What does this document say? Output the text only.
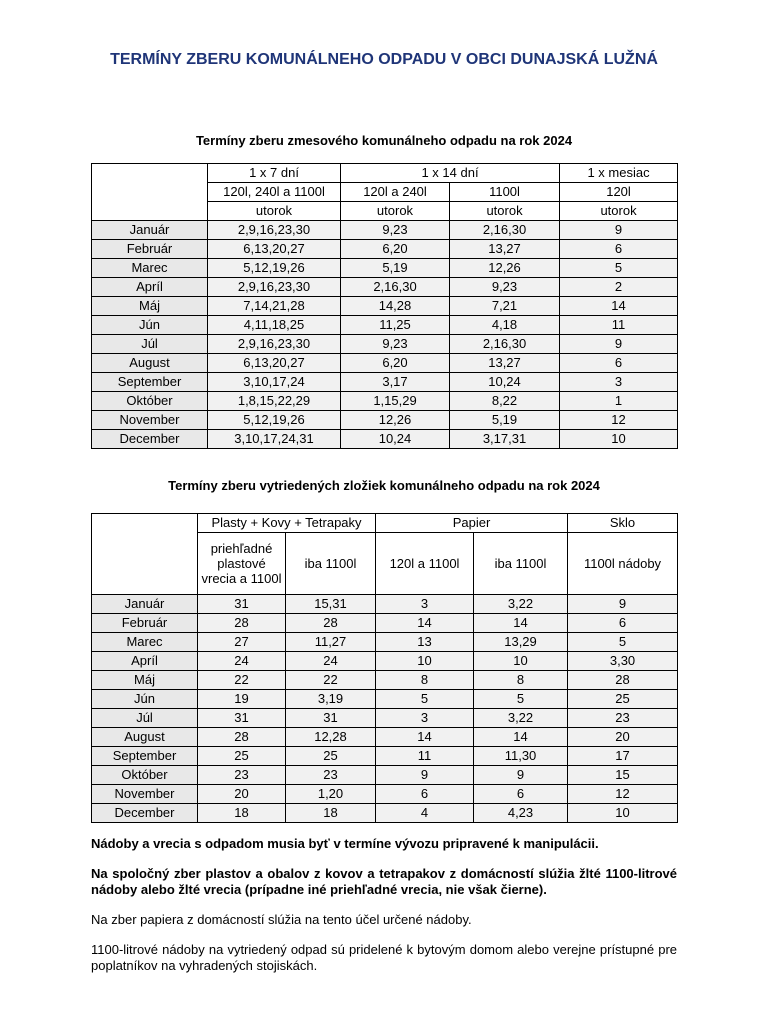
TERMÍNY ZBERU KOMUNÁLNEHO ODPADU V OBCI DUNAJSKÁ LUŽNÁ
Termíny zberu zmesového komunálneho odpadu na rok 2024
	1 x 7 dní	1 x 14 dní		1 x mesiac
	120l, 240l a 1100l	120l a 240l	1100l	120l
	utorok	utorok	utorok	utorok
Január	2,9,16,23,30	9,23	2,16,30	9
Február	6,13,20,27	6,20	13,27	6
Marec	5,12,19,26	5,19	12,26	5
Apríl	2,9,16,23,30	2,16,30	9,23	2
Máj	7,14,21,28	14,28	7,21	14
Jún	4,11,18,25	11,25	4,18	11
Júl	2,9,16,23,30	9,23	2,16,30	9
August	6,13,20,27	6,20	13,27	6
September	3,10,17,24	3,17	10,24	3
Október	1,8,15,22,29	1,15,29	8,22	1
November	5,12,19,26	12,26	5,19	12
December	3,10,17,24,31	10,24	3,17,31	10
Termíny zberu vytriedených zložiek komunálneho odpadu na rok 2024
	Plasty + Kovy + Tetrapaky		Papier		Sklo
	priehľadné plastové vrecia a 1100l	iba 1100l	120l a 1100l	iba 1100l	1100l nádoby
Január	31	15,31	3	3,22	9
Február	28	28	14	14	6
Marec	27	11,27	13	13,29	5
Apríl	24	24	10	10	3,30
Máj	22	22	8	8	28
Jún	19	3,19	5	5	25
Júl	31	31	3	3,22	23
August	28	12,28	14	14	20
September	25	25	11	11,30	17
Október	23	23	9	9	15
November	20	1,20	6	6	12
December	18	18	4	4,23	10

Nádoby a vrecia s odpadom musia byť v termíne vývozu pripravené k manipulácii.

Na spoločný zber plastov a obalov z kovov a tetrapakov z domácností slúžia žlté 1100-litrové nádoby alebo žlté vrecia (prípadne iné priehľadné vrecia, nie však čierne).

Na zber papiera z domácností slúžia na tento účel určené nádoby.

1100-litrové nádoby na vytriedený odpad sú pridelené k bytovým domom alebo verejne prístupné pre poplatníkov na vyhradených stojiskách.
